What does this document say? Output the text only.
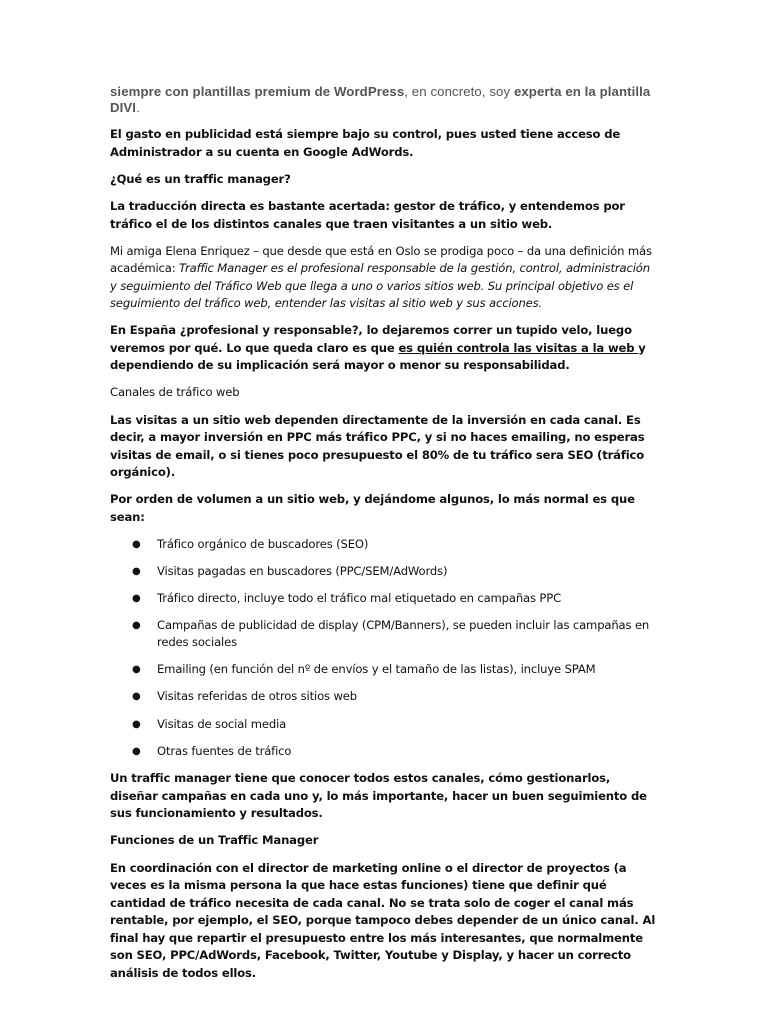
siempre con plantillas premium de WordPress, en concreto, soy experta en la plantilla DIVI.

El gasto en publicidad está siempre bajo su control, pues usted tiene acceso de Administrador a su cuenta en Google AdWords.

¿Qué es un traffic manager?

La traducción directa es bastante acertada: gestor de tráfico, y entendemos por tráfico el de los distintos canales que traen visitantes a un sitio web.

Mi amiga Elena Enriquez – que desde que está en Oslo se prodiga poco – da una definición más académica: Traffic Manager es el profesional responsable de la gestión, control, administración y seguimiento del Tráfico Web que llega a uno o varios sitios web. Su principal objetivo es el seguimiento del tráfico web, entender las visitas al sitio web y sus acciones.

En España ¿profesional y responsable?, lo dejaremos correr un tupido velo, luego veremos por qué. Lo que queda claro es que es quién controla las visitas a la web y dependiendo de su implicación será mayor o menor su responsabilidad.

Canales de tráfico web

Las visitas a un sitio web dependen directamente de la inversión en cada canal. Es decir, a mayor inversión en PPC más tráfico PPC, y si no haces emailing, no esperas visitas de email, o si tienes poco presupuesto el 80% de tu tráfico sera SEO (tráfico orgánico).

Por orden de volumen a un sitio web, y dejándome algunos, lo más normal es que sean:

● Tráfico orgánico de buscadores (SEO)
● Visitas pagadas en buscadores (PPC/SEM/AdWords)
● Tráfico directo, incluye todo el tráfico mal etiquetado en campañas PPC
● Campañas de publicidad de display (CPM/Banners), se pueden incluir las campañas en redes sociales
● Emailing (en función del nº de envíos y el tamaño de las listas), incluye SPAM
● Visitas referidas de otros sitios web
● Visitas de social media
● Otras fuentes de tráfico

Un traffic manager tiene que conocer todos estos canales, cómo gestionarlos, diseñar campañas en cada uno y, lo más importante, hacer un buen seguimiento de sus funcionamiento y resultados.

Funciones de un Traffic Manager

En coordinación con el director de marketing online o el director de proyectos (a veces es la misma persona la que hace estas funciones) tiene que definir qué cantidad de tráfico necesita de cada canal. No se trata solo de coger el canal más rentable, por ejemplo, el SEO, porque tampoco debes depender de un único canal. Al final hay que repartir el presupuesto entre los más interesantes, que normalmente son SEO, PPC/AdWords, Facebook, Twitter, Youtube y Display, y hacer un correcto análisis de todos ellos.
